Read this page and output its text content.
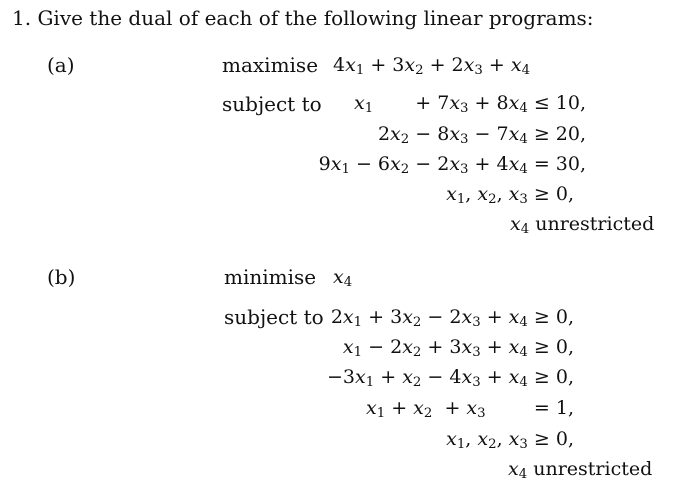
1. Give the dual of each of the following linear programs:
(a)	maximise $4x_1 + 3x_2 + 2x_3 + x_4$
subject to $x_1 + 7x_3 + 8x_4 \le 10$,
$2x_2 - 8x_3 - 7x_4 \ge 20$,
$9x_1 - 6x_2 - 2x_3 + 4x_4 = 30$,
$x_1$, $x_2$, $x_3 \ge 0$,
$x_4$ unrestricted
(b)	minimise $x_4$
subject to $2x_1 + 3x_2 - 2x_3 + x_4 \ge 0$,
$x_1 - 2x_2 + 3x_3 + x_4 \ge 0$,
$-3x_1 + x_2 - 4x_3 + x_4 \ge 0$,
$x_1 + x_2 + x_3$        = 1,
$x_1$, $x_2$, $x_3 \ge 0$,
$x_4$ unrestricted
